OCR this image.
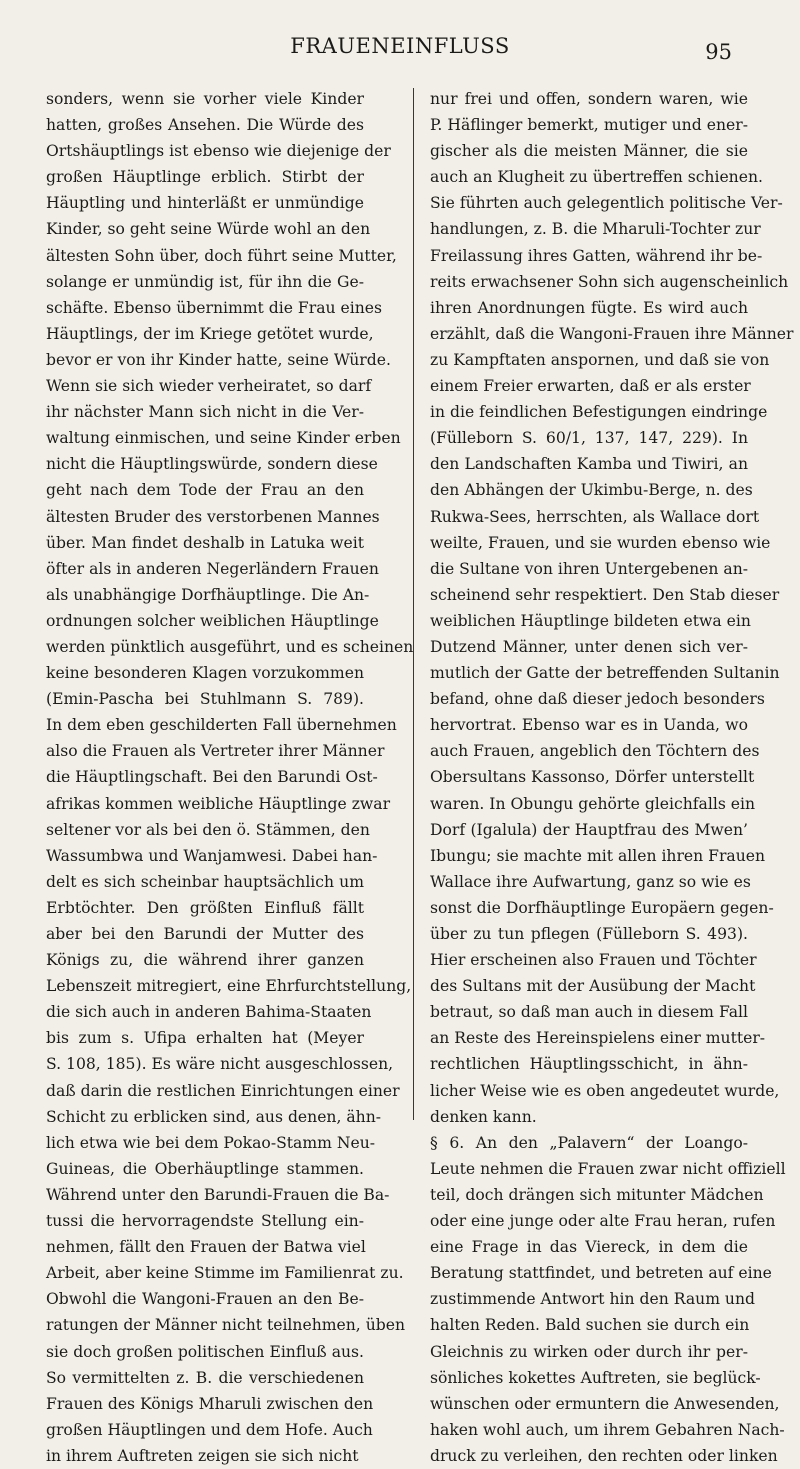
FRAUENEINFLUSS	95
sonders, wenn sie vorher viele Kinder
hatten, großes Ansehen. Die Würde des
Ortshäuptlings ist ebenso wie diejenige der
großen Häuptlinge erblich. Stirbt der
Häuptling und hinterläßt er unmündige
Kinder, so geht seine Würde wohl an den
ältesten Sohn über, doch führt seine Mutter,
solange er unmündig ist, für ihn die Ge-
schäfte. Ebenso übernimmt die Frau eines
Häuptlings, der im Kriege getötet wurde,
bevor er von ihr Kinder hatte, seine Würde.
Wenn sie sich wieder verheiratet, so darf
ihr nächster Mann sich nicht in die Ver-
waltung einmischen, und seine Kinder erben
nicht die Häuptlingswürde, sondern diese
geht nach dem Tode der Frau an den
ältesten Bruder des verstorbenen Mannes
über. Man findet deshalb in Latuka weit
öfter als in anderen Negerländern Frauen
als unabhängige Dorfhäuptlinge. Die An-
ordnungen solcher weiblichen Häuptlinge
werden pünktlich ausgeführt, und es scheinen
keine besonderen Klagen vorzukommen
(Emin-Pascha bei Stuhlmann S. 789).
In dem eben geschilderten Fall übernehmen
also die Frauen als Vertreter ihrer Männer
die Häuptlingschaft. Bei den Barundi Ost-
afrikas kommen weibliche Häuptlinge zwar
seltener vor als bei den ö. Stämmen, den
Wassumbwa und Wanjamwesi. Dabei han-
delt es sich scheinbar hauptsächlich um
Erbtöchter. Den größten Einfluß fällt
aber bei den Barundi der Mutter des
Königs zu, die während ihrer ganzen
Lebenszeit mitregiert, eine Ehrfurchtstellung,
die sich auch in anderen Bahima-Staaten
bis zum s. Ufipa erhalten hat (Meyer
S. 108, 185). Es wäre nicht ausgeschlossen,
daß darin die restlichen Einrichtungen einer
Schicht zu erblicken sind, aus denen, ähn-
lich etwa wie bei dem Pokao-Stamm Neu-
Guineas, die Oberhäuptlinge stammen.
Während unter den Barundi-Frauen die Ba-
tussi die hervorragendste Stellung ein-
nehmen, fällt den Frauen der Batwa viel
Arbeit, aber keine Stimme im Familienrat zu.
Obwohl die Wangoni-Frauen an den Be-
ratungen der Männer nicht teilnehmen, üben
sie doch großen politischen Einfluß aus.
So vermittelten z. B. die verschiedenen
Frauen des Königs Mharuli zwischen den
großen Häuptlingen und dem Hofe. Auch
in ihrem Auftreten zeigen sie sich nicht
nur frei und offen, sondern waren, wie
P. Häflinger bemerkt, mutiger und ener-
gischer als die meisten Männer, die sie
auch an Klugheit zu übertreffen schienen.
Sie führten auch gelegentlich politische Ver-
handlungen, z. B. die Mharuli-Tochter zur
Freilassung ihres Gatten, während ihr be-
reits erwachsener Sohn sich augenscheinlich
ihren Anordnungen fügte. Es wird auch
erzählt, daß die Wangoni-Frauen ihre Männer
zu Kampftaten anspornen, und daß sie von
einem Freier erwarten, daß er als erster
in die feindlichen Befestigungen eindringe
(Fülleborn S. 60/1, 137, 147, 229). In
den Landschaften Kamba und Tiwiri, an
den Abhängen der Ukimbu-Berge, n. des
Rukwa-Sees, herrschten, als Wallace dort
weilte, Frauen, und sie wurden ebenso wie
die Sultane von ihren Untergebenen an-
scheinend sehr respektiert. Den Stab dieser
weiblichen Häuptlinge bildeten etwa ein
Dutzend Männer, unter denen sich ver-
mutlich der Gatte der betreffenden Sultanin
befand, ohne daß dieser jedoch besonders
hervortrat. Ebenso war es in Uanda, wo
auch Frauen, angeblich den Töchtern des
Obersultans Kassonso, Dörfer unterstellt
waren. In Obungu gehörte gleichfalls ein
Dorf (Igalula) der Hauptfrau des Mwen’
Ibungu; sie machte mit allen ihren Frauen
Wallace ihre Aufwartung, ganz so wie es
sonst die Dorfhäuptlinge Europäern gegen-
über zu tun pflegen (Fülleborn S. 493).
Hier erscheinen also Frauen und Töchter
des Sultans mit der Ausübung der Macht
betraut, so daß man auch in diesem Fall
an Reste des Hereinspielens einer mutter-
rechtlichen Häuptlingsschicht, in ähn-
licher Weise wie es oben angedeutet wurde,
denken kann.
§ 6. An den „Palavern“ der Loango-
Leute nehmen die Frauen zwar nicht offiziell
teil, doch drängen sich mitunter Mädchen
oder eine junge oder alte Frau heran, rufen
eine Frage in das Viereck, in dem die
Beratung stattfindet, und betreten auf eine
zustimmende Antwort hin den Raum und
halten Reden. Bald suchen sie durch ein
Gleichnis zu wirken oder durch ihr per-
sönliches kokettes Auftreten, sie beglück-
wünschen oder ermuntern die Anwesenden,
haken wohl auch, um ihrem Gebahren Nach-
druck zu verleihen, den rechten oder linken
